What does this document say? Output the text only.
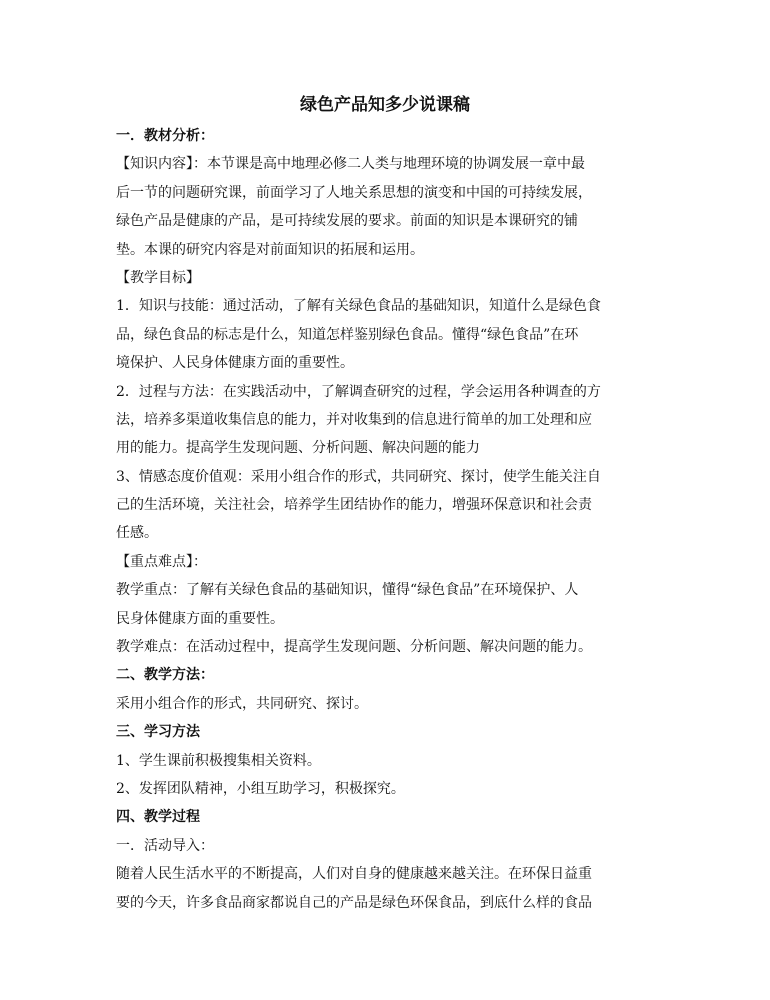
绿色产品知多少说课稿
一．教材分析：
【知识内容】：本节课是高中地理必修二人类与地理环境的协调发展一章中最
后一节的问题研究课，前面学习了人地关系思想的演变和中国的可持续发展，
绿色产品是健康的产品，是可持续发展的要求。前面的知识是本课研究的铺
垫。本课的研究内容是对前面知识的拓展和运用。
【教学目标】
1．知识与技能：通过活动，了解有关绿色食品的基础知识，知道什么是绿色食
品，绿色食品的标志是什么，知道怎样鉴别绿色食品。懂得“绿色食品”在环
境保护、人民身体健康方面的重要性。
2．过程与方法：在实践活动中，了解调查研究的过程，学会运用各种调查的方
法，培养多渠道收集信息的能力，并对收集到的信息进行简单的加工处理和应
用的能力。提高学生发现问题、分析问题、解决问题的能力
3、情感态度价值观：采用小组合作的形式，共同研究、探讨，使学生能关注自
己的生活环境，关注社会，培养学生团结协作的能力，增强环保意识和社会责
任感。
【重点难点】：
教学重点：了解有关绿色食品的基础知识，懂得“绿色食品”在环境保护、人
民身体健康方面的重要性。
教学难点：在活动过程中，提高学生发现问题、分析问题、解决问题的能力。
二、教学方法：
采用小组合作的形式，共同研究、探讨。
三、学习方法
1、学生课前积极搜集相关资料。
2、发挥团队精神，小组互助学习，积极探究。
四、教学过程
一．活动导入：
随着人民生活水平的不断提高，人们对自身的健康越来越关注。在环保日益重
要的今天，许多食品商家都说自己的产品是绿色环保食品，到底什么样的食品
